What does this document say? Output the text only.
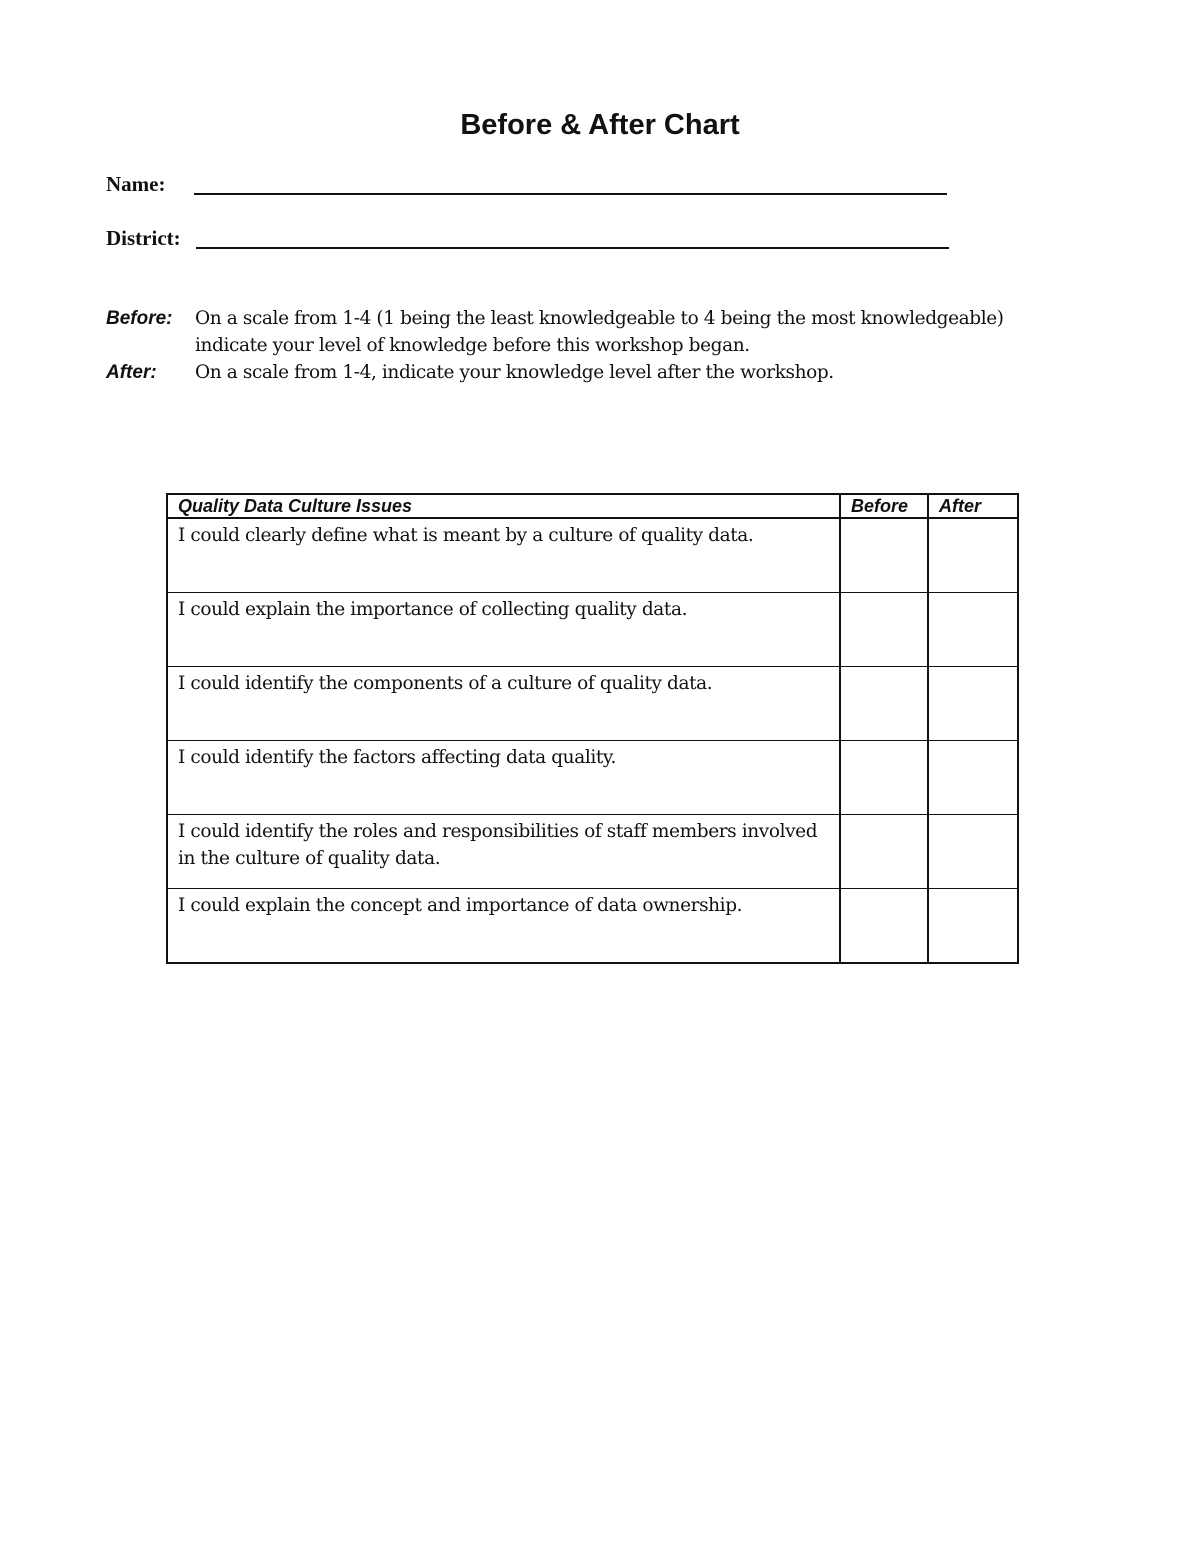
Before & After Chart
Name:
District:
Before: On a scale from 1-4 (1 being the least knowledgeable to 4 being the most knowledgeable)
indicate your level of knowledge before this workshop began.
After: On a scale from 1-4, indicate your knowledge level after the workshop.
Quality Data Culture Issues	Before	After
I could clearly define what is meant by a culture of quality data.		
I could explain the importance of collecting quality data.		
I could identify the components of a culture of quality data.		
I could identify the factors affecting data quality.		
I could identify the roles and responsibilities of staff members involved in the culture of quality data.		
I could explain the concept and importance of data ownership.		
